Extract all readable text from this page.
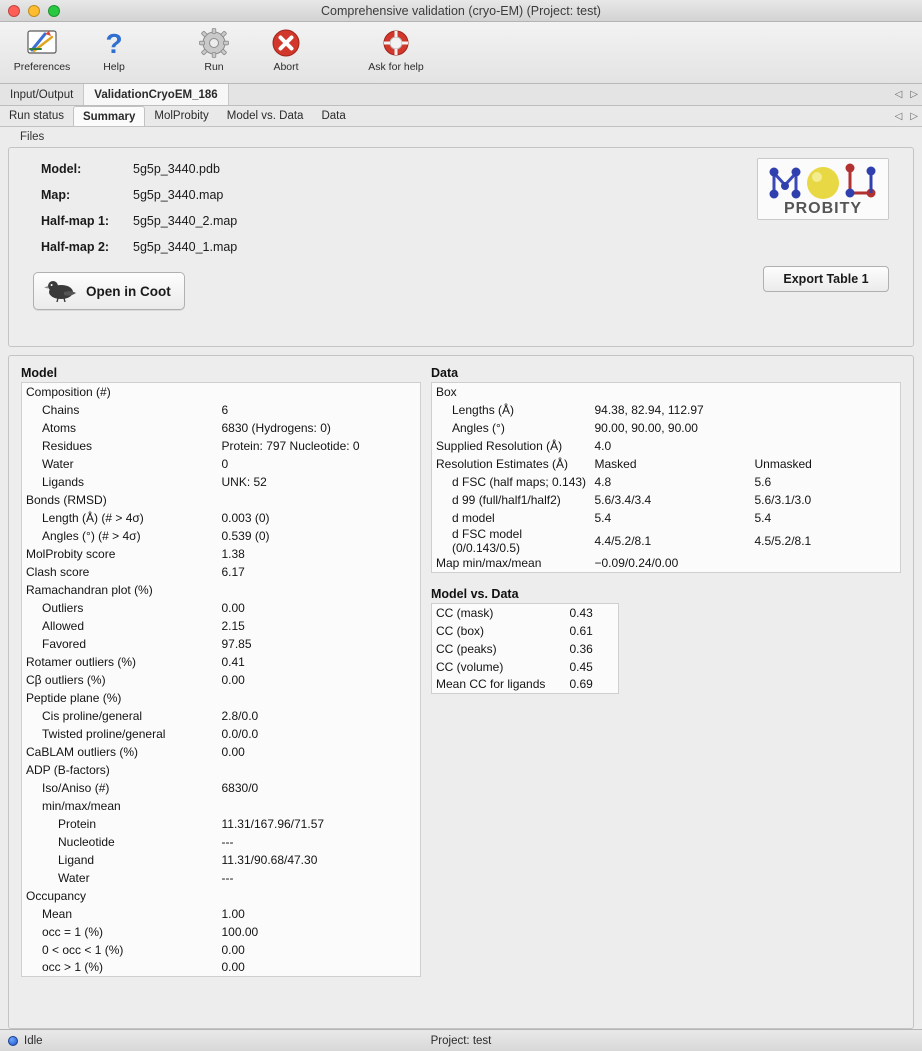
Comprehensive validation (cryo-EM) (Project: test)
Preferences
?
Help	Run	Abort	Ask for help
Input/Output	ValidationCryoEM_186	◁ ▷
Run status	Summary	MolProbity	Model vs. Data	Data	◁ ▷
Files
Model:	5g5p_3440.pdb
Map:	5g5p_3440.map
Half-map 1:	5g5p_3440_2.map
Half-map 2:	5g5p_3440_1.map
Open in Coot
Export Table 1
PROBITY
Model
Composition (#)	
Chains	6
Atoms	6830 (Hydrogens: 0)
Residues	Protein: 797 Nucleotide: 0
Water	0
Ligands	UNK: 52
Bonds (RMSD)	
Length (Å) (# > 4σ)	0.003 (0)
Angles (°) (# > 4σ)	0.539 (0)
MolProbity score	1.38
Clash score	6.17
Ramachandran plot (%)	
Outliers	0.00
Allowed	2.15
Favored	97.85
Rotamer outliers (%)	0.41
Cβ outliers (%)	0.00
Peptide plane (%)	
Cis proline/general	2.8/0.0
Twisted proline/general	0.0/0.0
CaBLAM outliers (%)	0.00
ADP (B-factors)	
Iso/Aniso (#)	6830/0
min/max/mean	
Protein	11.31/167.96/71.57
Nucleotide	---
Ligand	11.31/90.68/47.30
Water	---
Occupancy	
Mean	1.00
occ = 1 (%)	100.00
0 < occ < 1 (%)	0.00
occ > 1 (%)	0.00
Data
Box		
Lengths (Å)	94.38, 82.94, 112.97	
Angles (°)	90.00, 90.00, 90.00	
Supplied Resolution (Å)	4.0	
Resolution Estimates (Å)	Masked	Unmasked
d FSC (half maps; 0.143)	4.8	5.6
d 99 (full/half1/half2)	5.6/3.4/3.4	5.6/3.1/3.0
d model	5.4	5.4
d FSC model (0/0.143/0.5)	4.4/5.2/8.1	4.5/5.2/8.1
Map min/max/mean	−0.09/0.24/0.00	
Model vs. Data
CC (mask)	0.43
CC (box)	0.61
CC (peaks)	0.36
CC (volume)	0.45
Mean CC for ligands	0.69
Idle	Project: test
